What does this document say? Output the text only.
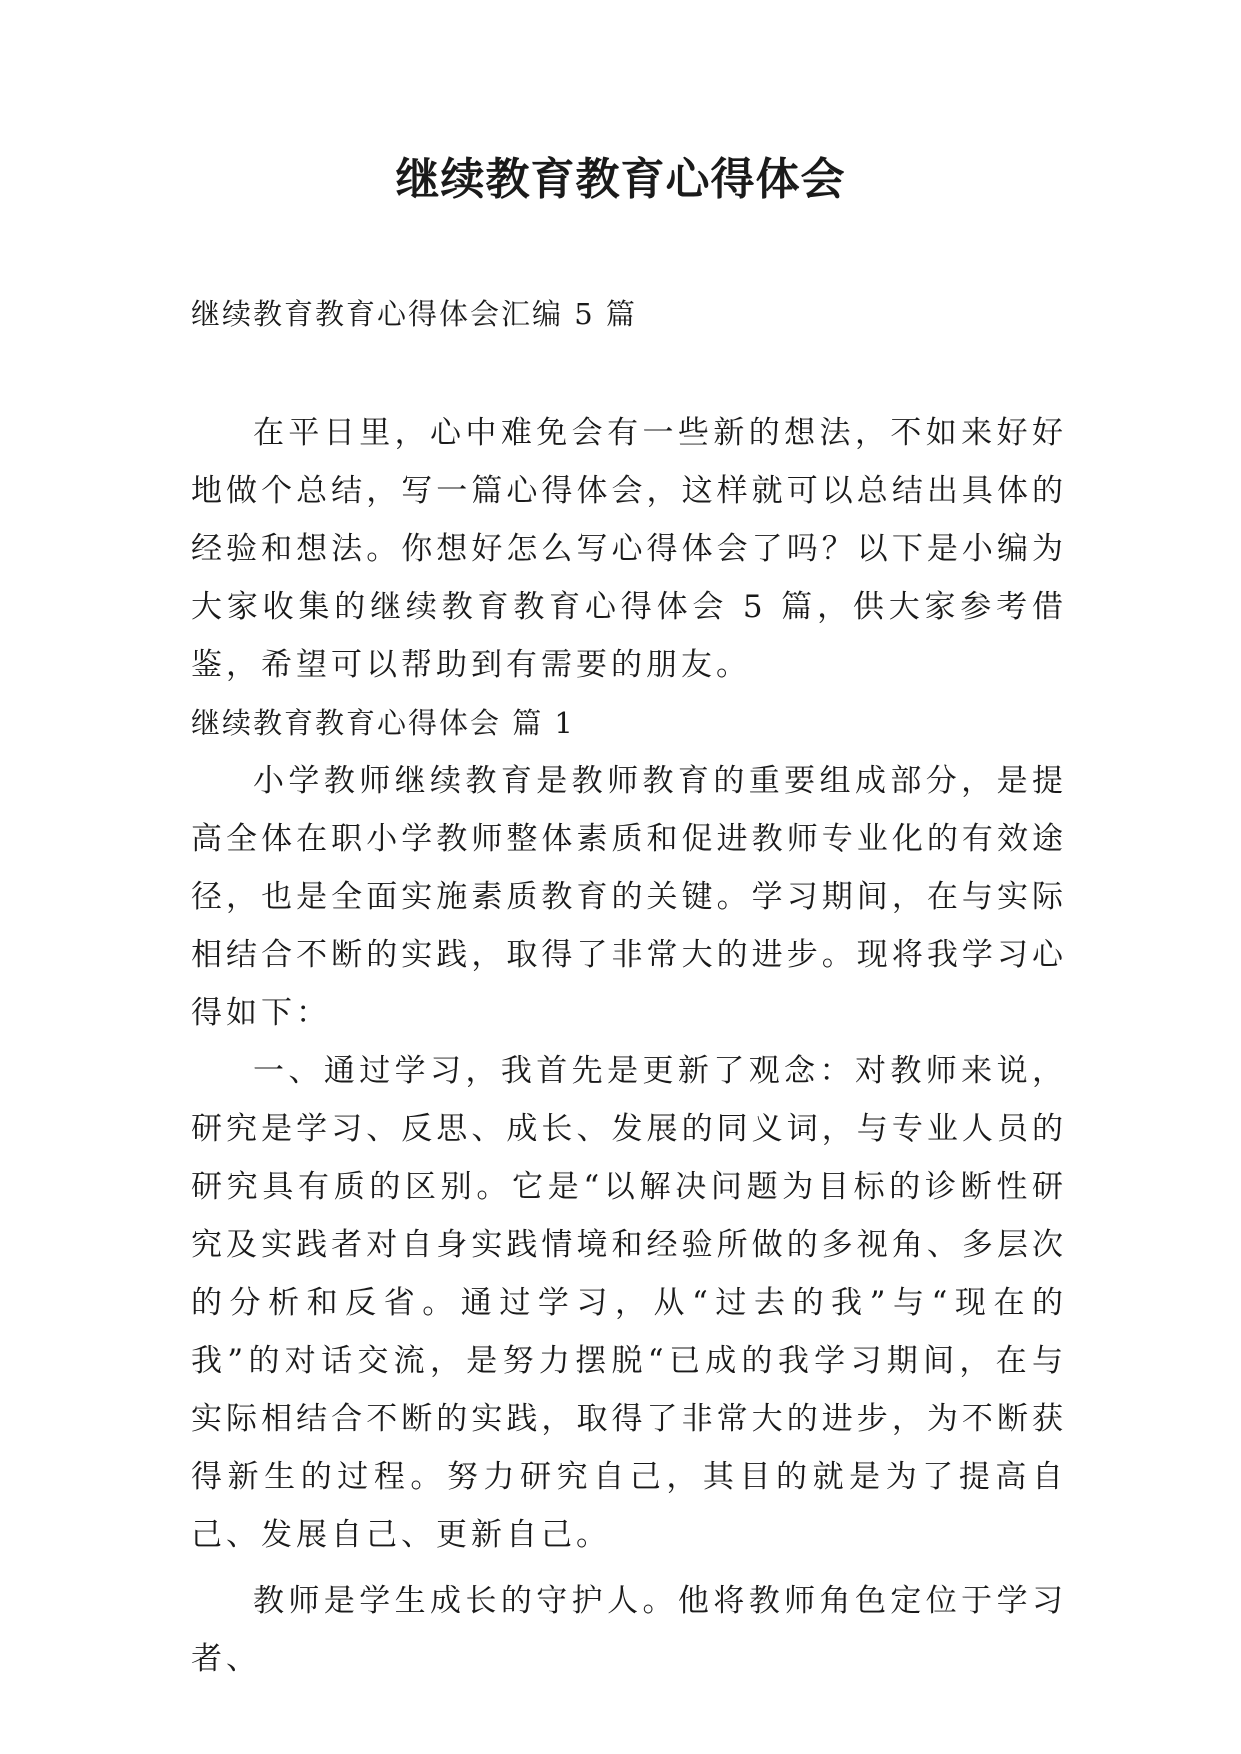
继续教育教育心得体会

继续教育教育心得体会汇编 5 篇

在平日里，心中难免会有一些新的想法，不如来好好地做个总结，写一篇心得体会，这样就可以总结出具体的经验和想法。你想好怎么写心得体会了吗？以下是小编为大家收集的继续教育教育心得体会 5 篇，供大家参考借鉴，希望可以帮助到有需要的朋友。

继续教育教育心得体会 篇 1

小学教师继续教育是教师教育的重要组成部分，是提高全体在职小学教师整体素质和促进教师专业化的有效途径，也是全面实施素质教育的关键。学习期间，在与实际相结合不断的实践，取得了非常大的进步。现将我学习心得如下：

一、通过学习，我首先是更新了观念：对教师来说，研究是学习、反思、成长、发展的同义词，与专业人员的研究具有质的区别。它是“以解决问题为目标的诊断性研究及实践者对自身实践情境和经验所做的多视角、多层次的分析和反省。通过学习，从“过去的我”与“现在的我”的对话交流，是努力摆脱“已成的我学习期间，在与实际相结合不断的实践，取得了非常大的进步，为不断获得新生的过程。努力研究自己，其目的就是为了提高自己、发展自己、更新自己。

教师是学生成长的守护人。他将教师角色定位于学习者、
